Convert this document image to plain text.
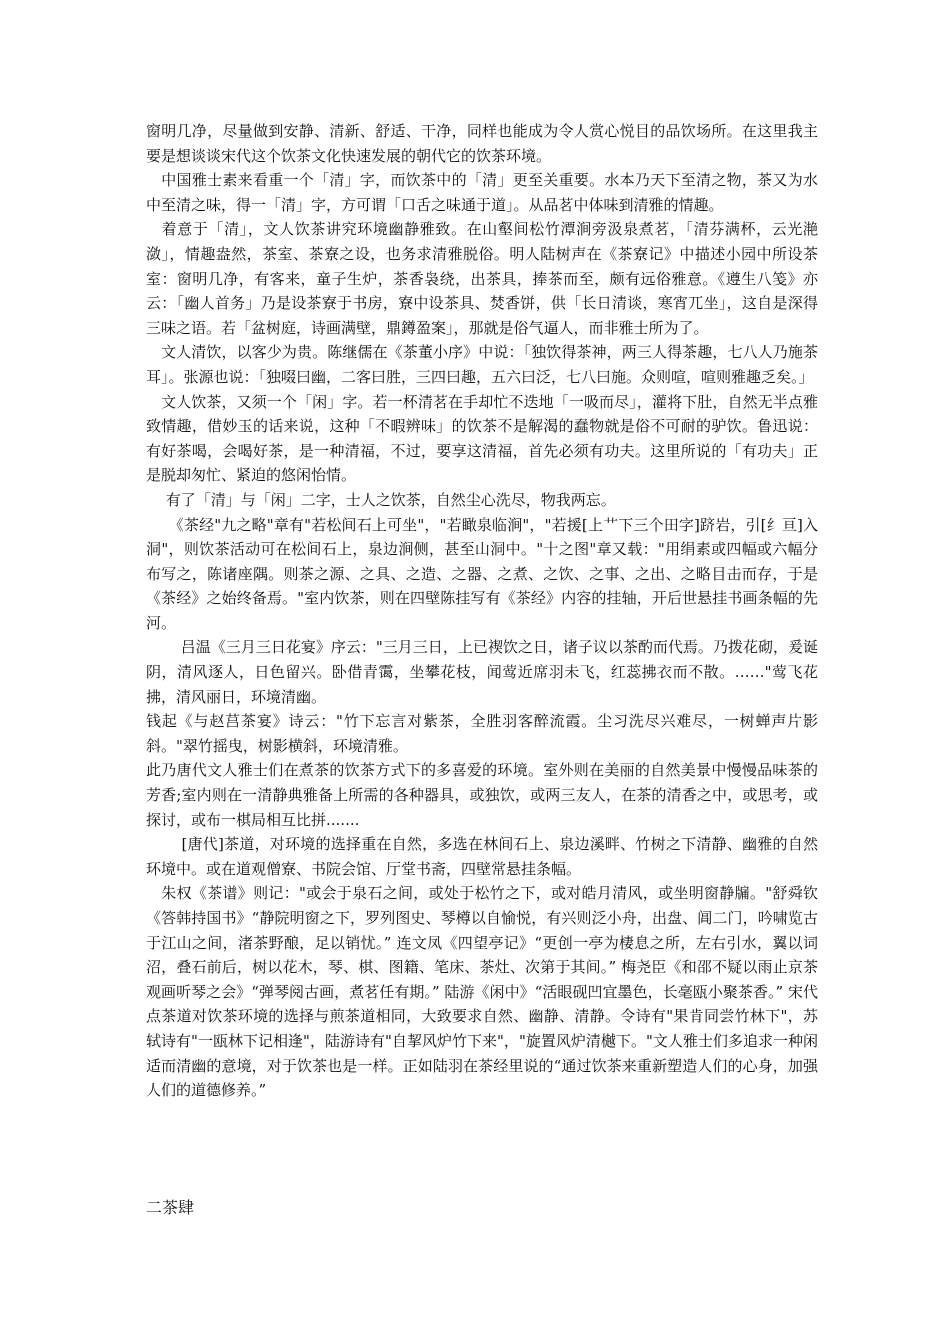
窗明几净，尽量做到安静、清新、舒适、干净，同样也能成为令人赏心悦目的品饮场所。在这里我主要是想谈谈宋代这个饮茶文化快速发展的朝代它的饮茶环境。

　中国雅士素来看重一个「清」字，而饮茶中的「清」更至关重要。水本乃天下至清之物，茶又为水中至清之味，得一「清」字，方可谓「口舌之味通于道」。从品茗中体味到清雅的情趣。

　着意于「清」，文人饮茶讲究环境幽静雅致。在山壑间松竹潭涧旁汲泉煮茗，「清芬满杯，云光滟潋」，情趣盎然，茶室、茶寮之设，也务求清雅脱俗。明人陆树声在《茶寮记》中描述小园中所设茶室：窗明几净，有客来，童子生炉，茶香袅绕，出茶具，捧茶而至，颇有远俗雅意。《遵生八笺》亦云：「幽人首务」乃是设茶寮于书房，寮中设茶具、焚香饼，供「长日清谈，寒宵兀坐」，这自是深得三味之语。若「盆树庭，诗画满壁，鼎鐏盈案」，那就是俗气逼人，而非雅士所为了。

　文人清饮，以客少为贵。陈继儒在《茶董小序》中说：「独饮得茶神，两三人得茶趣，七八人乃施茶耳」。张源也说：「独啜曰幽，二客曰胜，三四曰趣，五六曰泛，七八曰施。众则喧，喧则雅趣乏矣。」

　文人饮茶，又须一个「闲」字。若一杯清茗在手却忙不迭地「一吸而尽」，灌将下肚，自然无半点雅致情趣，借妙玉的话来说，这种「不暇辨味」的饮茶不是解渴的蠢物就是俗不可耐的驴饮。鲁迅说：有好茶喝，会喝好茶，是一种清福，不过，要享这清福，首先必须有功夫。这里所说的「有功夫」正是脱却匆忙、紧迫的悠闲怡情。

　 有了「清」与「闲」二字，士人之饮茶，自然尘心洗尽，物我两忘。

　　《茶经"九之略"章有"若松间石上可坐"，"若瞰泉临涧"，"若援[上艹下三个田字]跻岩，引[纟亘]入洞"，则饮茶活动可在松间石上，泉边涧侧，甚至山洞中。"十之图"章又载："用绢素或四幅或六幅分布写之，陈诸座隅。则茶之源、之具、之造、之器、之煮、之饮、之事、之出、之略目击而存，于是《茶经》之始终备焉。"室内饮茶，则在四壁陈挂写有《茶经》内容的挂轴，开后世悬挂书画条幅的先河。

　　 吕温《三月三日花宴》序云："三月三日，上已禊饮之日，诸子议以茶酌而代焉。乃拨花砌，爰诞阴，清风逐人，日色留兴。卧借青霭，坐攀花枝，闻莺近席羽未飞，红蕊拂衣而不散。……"莺飞花拂，清风丽日，环境清幽。

钱起《与赵莒茶宴》诗云："竹下忘言对紫茶，全胜羽客醉流霞。尘习洗尽兴难尽，一树蝉声片影斜。"翠竹摇曳，树影横斜，环境清雅。

此乃唐代文人雅士们在煮茶的饮茶方式下的多喜爱的环境。室外则在美丽的自然美景中慢慢品味茶的芳香;室内则在一清静典雅备上所需的各种器具，或独饮，或两三友人，在茶的清香之中，或思考，或探讨，或布一棋局相互比拼.......

　　 [唐代]茶道，对环境的选择重在自然，多选在林间石上、泉边溪畔、竹树之下清静、幽雅的自然环境中。或在道观僧寮、书院会馆、厅堂书斋，四壁常悬挂条幅。

　朱权《茶谱》则记："或会于泉石之间，或处于松竹之下，或对皓月清风，或坐明窗静牖。"舒舜钦《答韩持国书》“静院明窗之下，罗列图史、琴樽以自愉悦，有兴则泛小舟，出盘、阊二门，吟啸览古于江山之间，渚茶野酿，足以销忧。” 连文凤《四望亭记》“更创一亭为棲息之所，左右引水，翼以词沼，叠石前后，树以花木，琴、棋、图籍、笔床、茶灶、次第于其间。” 梅尧臣《和邵不疑以雨止京茶观画听琴之会》“弹琴阅古画，煮茗任有期。” 陆游《闲中》“活眼砚凹宜墨色，长毫瓯小聚茶香。” 宋代点茶道对饮茶环境的选择与煎茶道相同，大致要求自然、幽静、清静。令诗有"果肯同尝竹林下"，苏轼诗有"一瓯林下记相逢"，陆游诗有"自挈风炉竹下来"，"旋置风炉清樾下。"文人雅士们多追求一种闲适而清幽的意境，对于饮茶也是一样。正如陆羽在茶经里说的“通过饮茶来重新塑造人们的心身，加强人们的道德修养。”

二茶肆
